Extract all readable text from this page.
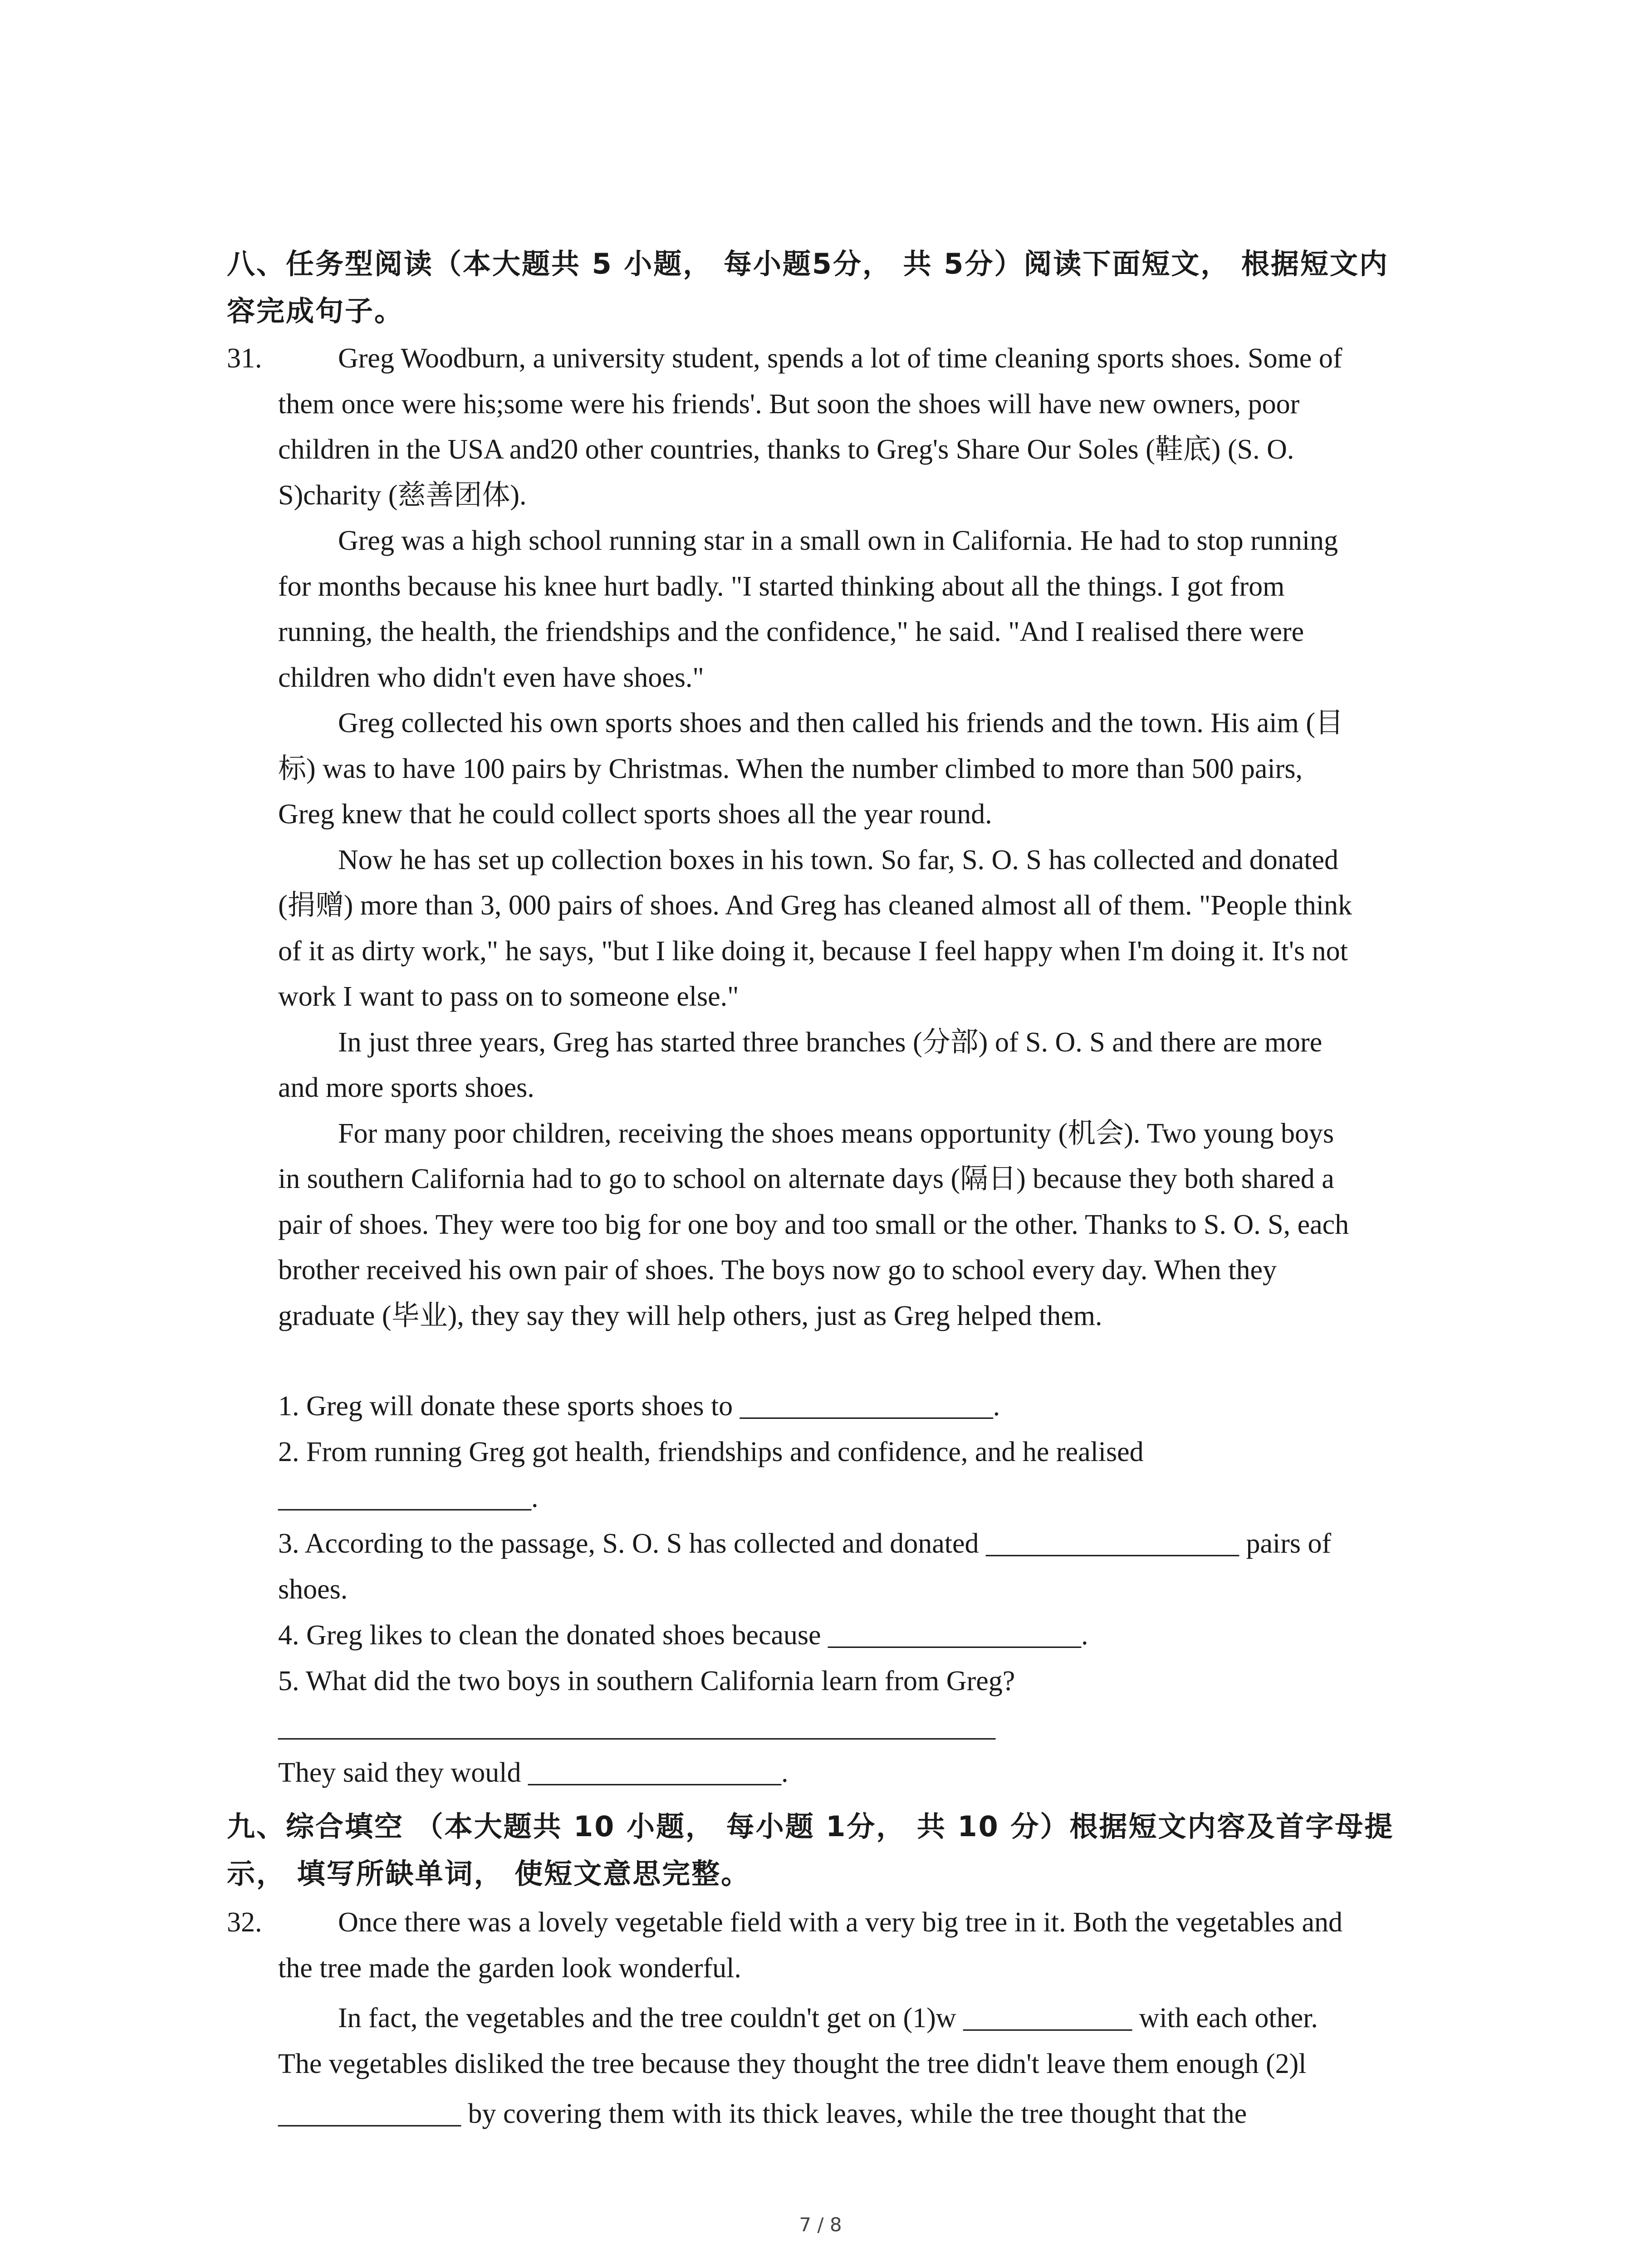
八、任务型阅读（本大题共 5 小题， 每小题5分， 共 5分）阅读下面短文， 根据短文内
容完成句子。
31.	Greg Woodburn, a university student, spends a lot of time cleaning sports shoes. Some of
them once were his;some were his friends'. But soon the shoes will have new owners, poor
children in the USA and20 other countries, thanks to Greg's Share Our Soles (鞋底) (S. O.
S)charity (慈善团体).
Greg was a high school running star in a small own in California. He had to stop running
for months because his knee hurt badly. "I started thinking about all the things. I got from
running, the health, the friendships and the confidence," he said. "And I realised there were
children who didn't even have shoes."
Greg collected his own sports shoes and then called his friends and the town. His aim (目
标) was to have 100 pairs by Christmas. When the number climbed to more than 500 pairs,
Greg knew that he could collect sports shoes all the year round.
Now he has set up collection boxes in his town. So far, S. O. S has collected and donated
(捐赠) more than 3, 000 pairs of shoes. And Greg has cleaned almost all of them. "People think
of it as dirty work," he says, "but I like doing it, because I feel happy when I'm doing it. It's not
work I want to pass on to someone else."
In just three years, Greg has started three branches (分部) of S. O. S and there are more
and more sports shoes.
For many poor children, receiving the shoes means opportunity (机会). Two young boys
in southern California had to go to school on alternate days (隔日) because they both shared a
pair of shoes. They were too big for one boy and too small or the other. Thanks to S. O. S, each
brother received his own pair of shoes. The boys now go to school every day. When they
graduate (毕业), they say they will help others, just as Greg helped them.
1. Greg will donate these sports shoes to __________________.
2. From running Greg got health, friendships and confidence, and he realised
__________________.
3. According to the passage, S. O. S has collected and donated __________________ pairs of
shoes.
4. Greg likes to clean the donated shoes because __________________.
5. What did the two boys in southern California learn from Greg?
___________________________________________________
They said they would __________________.
九、综合填空 （本大题共 10 小题， 每小题 1分， 共 10 分）根据短文内容及首字母提
示， 填写所缺单词， 使短文意思完整。
32.	Once there was a lovely vegetable field with a very big tree in it. Both the vegetables and
the tree made the garden look wonderful.
In fact, the vegetables and the tree couldn't get on (1)w ____________ with each other.
The vegetables disliked the tree because they thought the tree didn't leave them enough (2)l
_____________ by covering them with its thick leaves, while the tree thought that the
7 / 8
